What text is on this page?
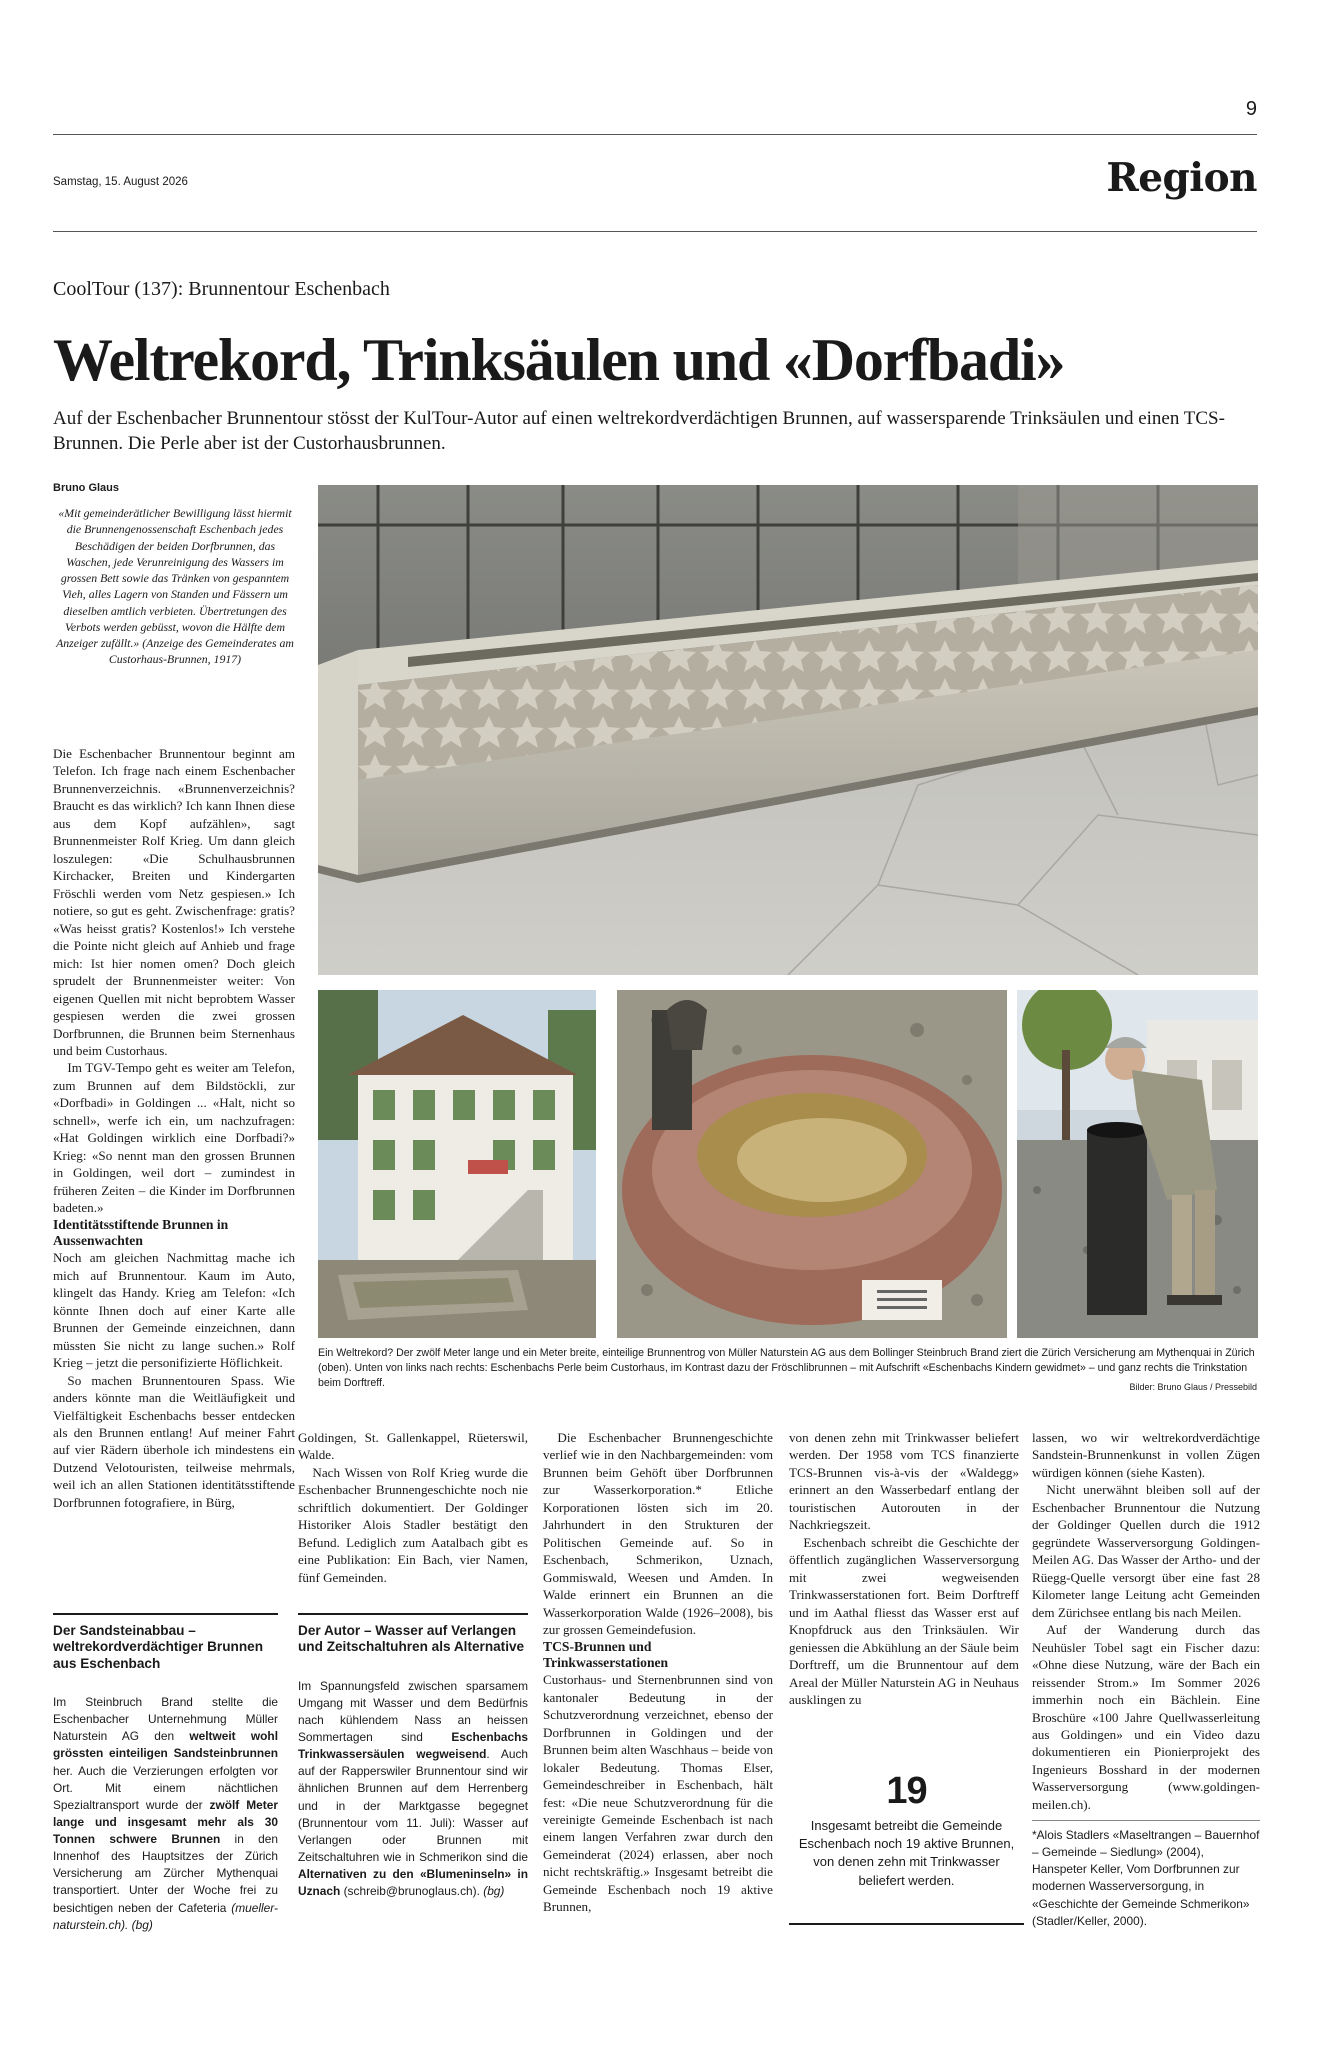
9
Samstag, 15. August 2026	Region
CoolTour (137): Brunnentour Eschenbach
Weltrekord, Trinksäulen und «Dorfbadi»

Auf der Eschenbacher Brunnentour stösst der KulTour-Autor auf einen weltrekordverdächtigen Brunnen, auf wassersparende Trinksäulen und einen TCS-Brunnen. Die Perle aber ist der Custorhausbrunnen.

Bruno Glaus
«Mit gemeinderätlicher Bewilligung lässt hiermit die Brunnengenossenschaft Eschenbach jedes Beschädigen der beiden Dorfbrunnen, das Waschen, jede Verunreinigung des Wassers im grossen Bett sowie das Tränken von gespanntem Vieh, alles Lagern von Standen und Fässern um dieselben amtlich verbieten. Übertretungen des Verbots werden gebüsst, wovon die Hälfte dem Anzeiger zufällt.» (Anzeige des Gemeinderates am Custorhaus-Brunnen, 1917)
Ein Weltrekord? Der zwölf Meter lange und ein Meter breite, einteilige Brunnentrog von Müller Naturstein AG aus dem Bollinger Steinbruch Brand ziert die Zürich Versicherung am Mythenquai in Zürich (oben). Unten von links nach rechts: Eschenbachs Perle beim Custorhaus, im Kontrast dazu der Fröschlibrunnen – mit Aufschrift «Eschenbachs Kindern gewidmet» – und ganz rechts die Trinkstation beim Dorftreff.	Bilder: Bruno Glaus / Pressebild

Die Eschenbacher Brunnentour beginnt am Telefon. Ich frage nach einem Eschenbacher Brunnenverzeichnis. «Brunnenverzeichnis? Braucht es das wirklich? Ich kann Ihnen diese aus dem Kopf aufzählen», sagt Brunnenmeister Rolf Krieg. Um dann gleich loszulegen: «Die Schulhausbrunnen Kirchacker, Breiten und Kindergarten Fröschli werden vom Netz gespiesen.» Ich notiere, so gut es geht. Zwischenfrage: gratis? «Was heisst gratis? Kostenlos!» Ich verstehe die Pointe nicht gleich auf Anhieb und frage mich: Ist hier nomen omen? Doch gleich sprudelt der Brunnenmeister weiter: Von eigenen Quellen mit nicht beprobtem Wasser gespiesen werden die zwei grossen Dorfbrunnen, die Brunnen beim Sternenhaus und beim Custorhaus.

Im TGV-Tempo geht es weiter am Telefon, zum Brunnen auf dem Bildstöckli, zur «Dorfbadi» in Goldingen ... «Halt, nicht so schnell», werfe ich ein, um nachzufragen: «Hat Goldingen wirklich eine Dorfbadi?» Krieg: «So nennt man den grossen Brunnen in Goldingen, weil dort – zumindest in früheren Zeiten – die Kinder im Dorfbrunnen badeten.»

Identitätsstiftende Brunnen in Aussenwachten

Noch am gleichen Nachmittag mache ich mich auf Brunnentour. Kaum im Auto, klingelt das Handy. Krieg am Telefon: «Ich könnte Ihnen doch auf einer Karte alle Brunnen der Gemeinde einzeichnen, dann müssten Sie nicht zu lange suchen.» Rolf Krieg – jetzt die personifizierte Höflichkeit.

So machen Brunnentouren Spass. Wie anders könnte man die Weitläufigkeit und Vielfältigkeit Eschenbachs besser entdecken als den Brunnen entlang! Auf meiner Fahrt auf vier Rädern überhole ich mindestens ein Dutzend Velotouristen, teilweise mehrmals, weil ich an allen Stationen identitätsstiftende Dorfbrunnen fotografiere, in Bürg,

Goldingen, St. Gallenkappel, Rüeterswil, Walde.

Nach Wissen von Rolf Krieg wurde die Eschenbacher Brunnengeschichte noch nie schriftlich dokumentiert. Der Goldinger Historiker Alois Stadler bestätigt den Befund. Lediglich zum Aatalbach gibt es eine Publikation: Ein Bach, vier Namen, fünf Gemeinden.

Die Eschenbacher Brunnengeschichte verlief wie in den Nachbargemeinden: vom Brunnen beim Gehöft über Dorfbrunnen zur Wasserkorporation.* Etliche Korporationen lösten sich im 20. Jahrhundert in den Strukturen der Politischen Gemeinde auf. So in Eschenbach, Schmerikon, Uznach, Gommiswald, Weesen und Amden. In Walde erinnert ein Brunnen an die Wasserkorporation Walde (1926–2008), bis zur grossen Gemeindefusion.

TCS-Brunnen und Trinkwasserstationen

Custorhaus- und Sternenbrunnen sind von kantonaler Bedeutung in der Schutzverordnung verzeichnet, ebenso der Dorfbrunnen in Goldingen und der Brunnen beim alten Waschhaus – beide von lokaler Bedeutung. Thomas Elser, Gemeindeschreiber in Eschenbach, hält fest: «Die neue Schutzverordnung für die vereinigte Gemeinde Eschenbach ist nach einem langen Verfahren zwar durch den Gemeinderat (2024) erlassen, aber noch nicht rechtskräftig.» Insgesamt betreibt die Gemeinde Eschenbach noch 19 aktive Brunnen,

von denen zehn mit Trinkwasser beliefert werden. Der 1958 vom TCS finanzierte TCS-Brunnen vis-à-vis der «Waldegg» erinnert an den Wasserbedarf entlang der touristischen Autorouten in der Nachkriegszeit.

Eschenbach schreibt die Geschichte der öffentlich zugänglichen Wasserversorgung mit zwei wegweisenden Trinkwasserstationen fort. Beim Dorftreff und im Aathal fliesst das Wasser erst auf Knopfdruck aus den Trinksäulen. Wir geniessen die Abkühlung an der Säule beim Dorftreff, um die Brunnentour auf dem Areal der Müller Naturstein AG in Neuhaus ausklingen zu

lassen, wo wir weltrekordverdächtige Sandstein-Brunnenkunst in vollen Zügen würdigen können (siehe Kasten).

Nicht unerwähnt bleiben soll auf der Eschenbacher Brunnentour die Nutzung der Goldinger Quellen durch die 1912 gegründete Wasserversorgung Goldingen-Meilen AG. Das Wasser der Artho- und der Rüegg-Quelle versorgt über eine fast 28 Kilometer lange Leitung acht Gemeinden dem Zürichsee entlang bis nach Meilen.

Auf der Wanderung durch das Neuhüsler Tobel sagt ein Fischer dazu: «Ohne diese Nutzung, wäre der Bach ein reissender Strom.» Im Sommer 2026 immerhin noch ein Bächlein. Eine Broschüre «100 Jahre Quellwasserleitung aus Goldingen» und ein Video dazu dokumentieren ein Pionierprojekt des Ingenieurs Bosshard in der modernen Wasserversorgung (www.goldingen-meilen.ch).

Der Sandsteinabbau – weltrekordverdächtiger Brunnen aus Eschenbach

Im Steinbruch Brand stellte die Eschenbacher Unternehmung Müller Naturstein AG den weltweit wohl grössten einteiligen Sandsteinbrunnen her. Auch die Verzierungen erfolgten vor Ort. Mit einem nächtlichen Spezialtransport wurde der zwölf Meter lange und insgesamt mehr als 30 Tonnen schwere Brunnen in den Innenhof des Hauptsitzes der Zürich Versicherung am Zürcher Mythenquai transportiert. Unter der Woche frei zu besichtigen neben der Cafeteria (mueller-naturstein.ch). (bg)

Der Autor – Wasser auf Verlangen und Zeitschaltuhren als Alternative

Im Spannungsfeld zwischen sparsamem Umgang mit Wasser und dem Bedürfnis nach kühlendem Nass an heissen Sommertagen sind Eschenbachs Trinkwassersäulen wegweisend. Auch auf der Rapperswiler Brunnentour sind wir ähnlichen Brunnen auf dem Herrenberg und in der Marktgasse begegnet (Brunnentour vom 11. Juli): Wasser auf Verlangen oder Brunnen mit Zeitschaltuhren wie in Schmerikon sind die Alternativen zu den «Blumeninseln» in Uznach (schreib@brunoglaus.ch). (bg)

19
Insgesamt betreibt die Gemeinde Eschenbach noch 19 aktive Brunnen, von denen zehn mit Trinkwasser beliefert werden.
*Alois Stadlers «Maseltrangen – Bauernhof – Gemeinde – Siedlung» (2004), Hanspeter Keller, Vom Dorfbrunnen zur modernen Wasserversorgung, in «Geschichte der Gemeinde Schmerikon» (Stadler/Keller, 2000).
